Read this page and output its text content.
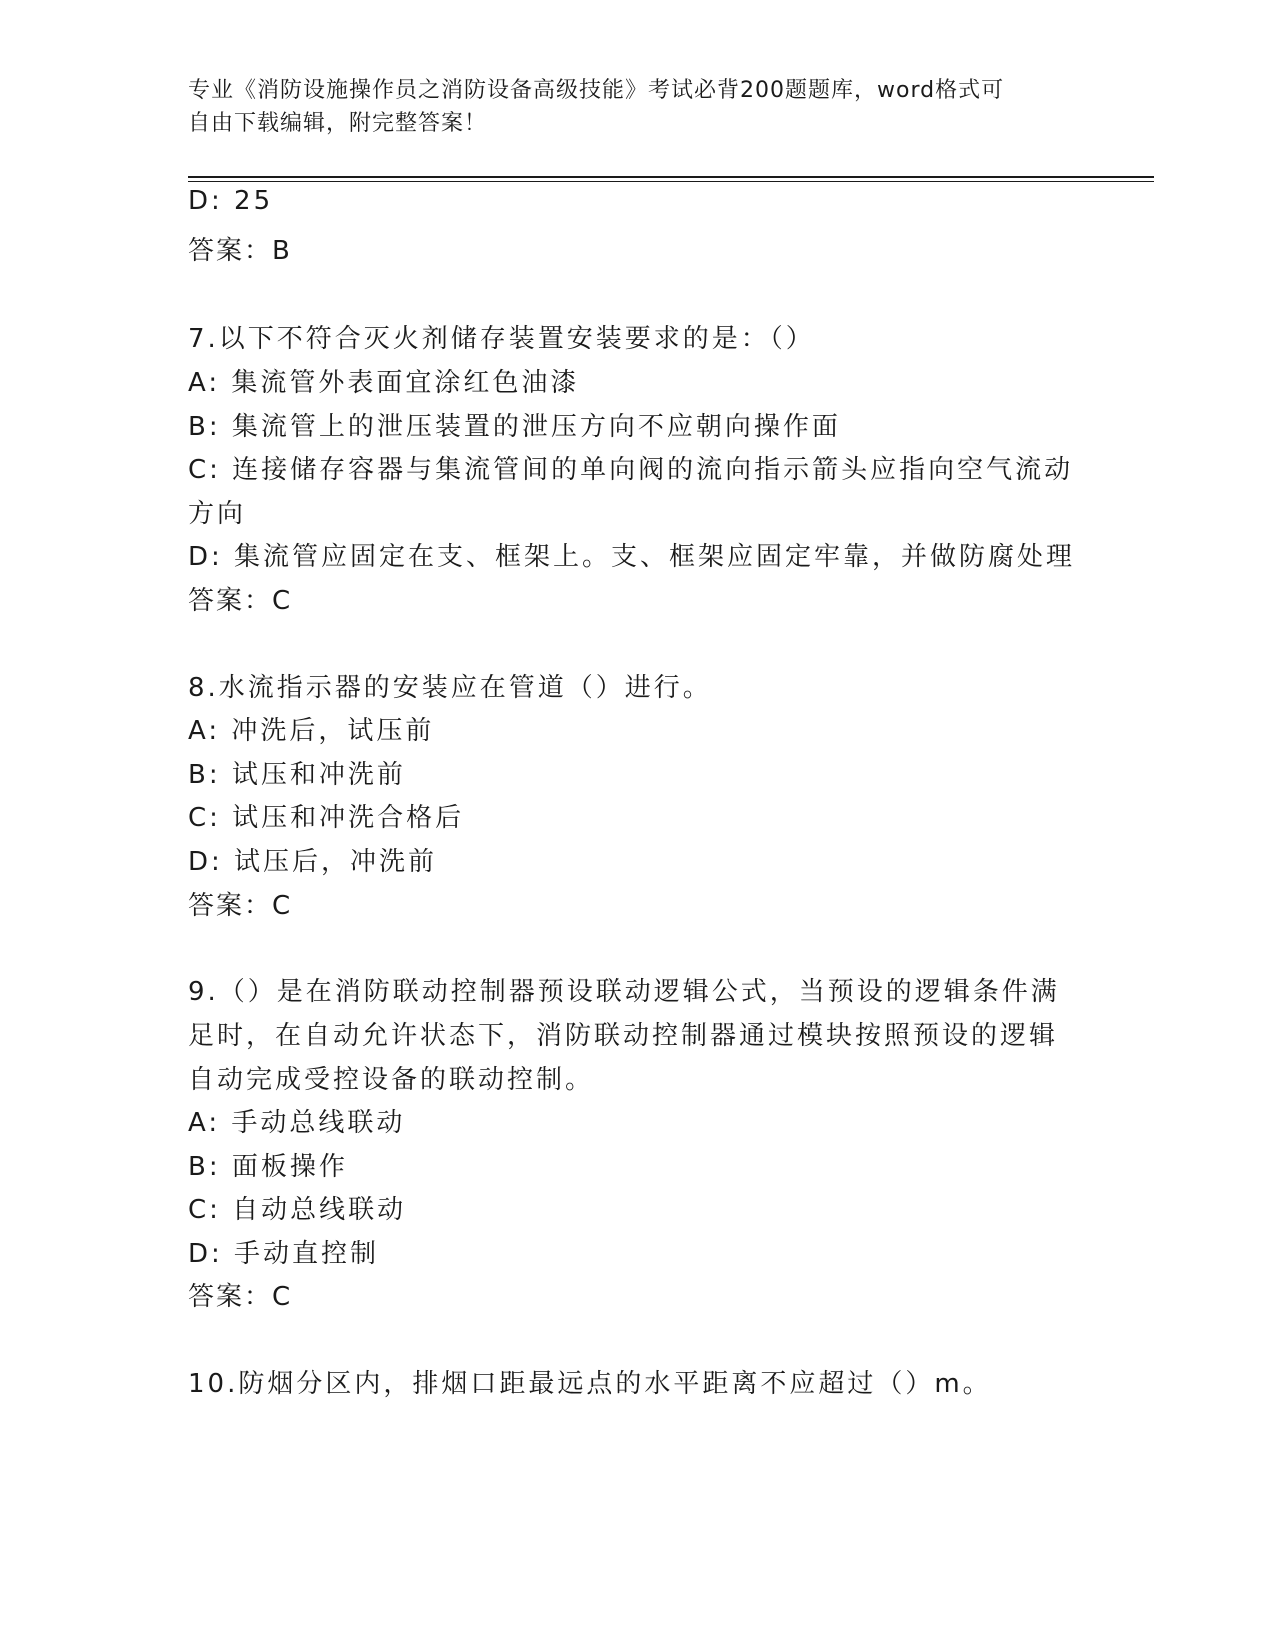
专业《消防设施操作员之消防设备高级技能》考试必背200题题库，word格式可
自由下载编辑，附完整答案！
D: 25
答案：B
7.以下不符合灭火剂储存装置安装要求的是：（）
A: 集流管外表面宜涂红色油漆
B: 集流管上的泄压装置的泄压方向不应朝向操作面
C: 连接储存容器与集流管间的单向阀的流向指示箭头应指向空气流动
方向
D: 集流管应固定在支、框架上。支、框架应固定牢靠，并做防腐处理
答案：C
8.水流指示器的安装应在管道（）进行。
A: 冲洗后，试压前
B: 试压和冲洗前
C: 试压和冲洗合格后
D: 试压后，冲洗前
答案：C
9.（）是在消防联动控制器预设联动逻辑公式，当预设的逻辑条件满
足时，在自动允许状态下，消防联动控制器通过模块按照预设的逻辑
自动完成受控设备的联动控制。
A: 手动总线联动
B: 面板操作
C: 自动总线联动
D: 手动直控制
答案：C
10.防烟分区内，排烟口距最远点的水平距离不应超过（）m。
